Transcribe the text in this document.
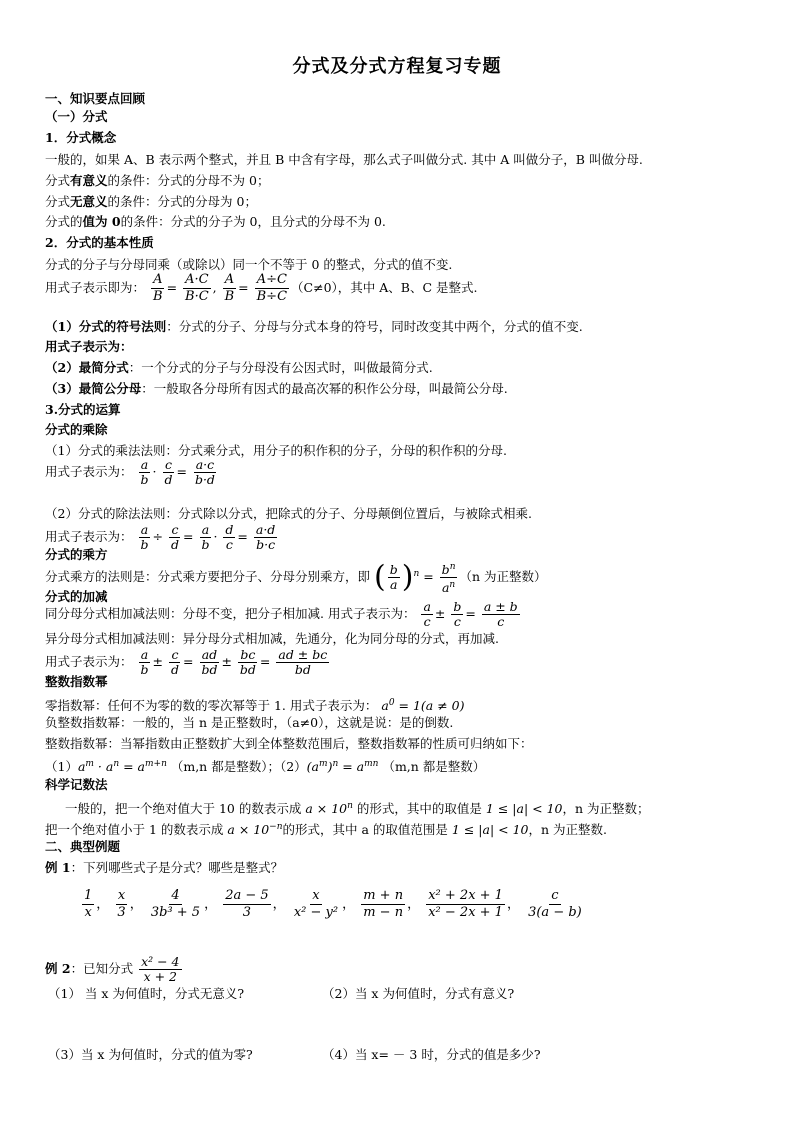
分式及分式方程复习专题
一、知识要点回顾
（一）分式
1．分式概念
一般的，如果 A、B 表示两个整式，并且 B 中含有字母，那么式子叫做分式. 其中 A 叫做分子，B 叫做分母.
分式有意义的条件：分式的分母不为 0；
分式无意义的条件：分式的分母为 0；
分式的值为 0的条件：分式的分子为 0，且分式的分母不为 0.
2．分式的基本性质
分式的分子与分母同乘（或除以）同一个不等于 0 的整式，分式的值不变.
用式子表示即为： $\frac{A}{B} = \frac{A\cdot C}{B\cdot C}$ , $\frac{A}{B} = \frac{A\div C}{B\div C} (C\ne 0)$，其中 A、B、C 是整式.
（1）分式的符号法则：分式的分子、分母与分式本身的符号，同时改变其中两个，分式的值不变.
用式子表示为：
（2）最简分式：一个分式的分子与分母没有公因式时，叫做最简分式.
（3）最简公分母：一般取各分母所有因式的最高次幂的积作公分母，叫最简公分母.
3.分式的运算
分式的乘除
（1）分式的乘法法则：分式乘分式，用分子的积作积的分子，分母的积作积的分母.
用式子表示为： $\frac{a}{b} \cdot \frac{c}{d} = \frac{a\cdot c}{b\cdot d}$
（2）分式的除法法则：分式除以分式，把除式的分子、分母颠倒位置后，与被除式相乘.
用式子表示为： $\frac{a}{b} \div \frac{c}{d} = \frac{a}{b} \cdot \frac{d}{c} = \frac{a\cdot d}{b\cdot c}$
分式的乘方
分式乘方的法则是：分式乘方要把分子、分母分别乘方，即 ( $\frac{b}{a} )^n = \frac{b^n}{a^n} (n$ 为正整数）
分式的加减
同分母分式相加减法则：分母不变，把分子相加减. 用式子表示为： $\frac{a}{c} \pm \frac{b}{c} = \frac{a \pm b}{c}$
异分母分式相加减法则：异分母分式相加减，先通分，化为同分母的分式，再加减.
用式子表示为： $\frac{a}{b} \pm \frac{c}{d} = \frac{ad}{bd} \pm \frac{bc}{bd} = \frac{ad \pm bc}{bd}$
整数指数幂
零指数幂：任何不为零的数的零次幂等于 1. 用式子表示为： $a^0 = 1(a \ne 0)$
负整数指数幂：一般的，当 n 是正整数时，（a≠0），这就是说：是的倒数.
整数指数幂：当幂指数由正整数扩大到全体整数范围后，整数指数幂的性质可归纳如下：
$(1)a^m \cdot a^n = a^{m+n}$ （m,n 都是整数）；$(2)(a^m)^n = a^{mn}$ （m,n 都是整数）
科学记数法
一般的，把一个绝对值大于 10 的数表示成 $a \times 10^n$ 的形式，其中的取值是 1 ≤ |a| < 10，n 为正整数；
把一个绝对值小于 1 的数表示成 $a \times 10^{-n}$的形式，其中 a 的取值范围是 1 ≤ |a| < 10，n 为正整数.
二、典型例题
例 1：下列哪些式子是分式？哪些是整式？
$\frac{1}{x}$ ， $\frac{x}{3}$ ， $\frac{4}{\text{3b³ + 5}}$ ， $\frac{2a - 5}{3}$ ， $\frac{x}{\text{x² − y²}}$ ， $\frac{m + n}{m - n}$ ， $\frac{\text{x² + 2x + 1}}{\text{x² − 2x + 1}}$ ， $\frac{c}{3(a - b)}$
例 2：已知分式 $\frac{\text{x² − 4}}{x + 2}$
（1） 当 x 为何值时，分式无意义?	（2）当 x 为何值时，分式有意义?
（3）当 x 为何值时，分式的值为零?	（4）当 x= － 3 时，分式的值是多少?
